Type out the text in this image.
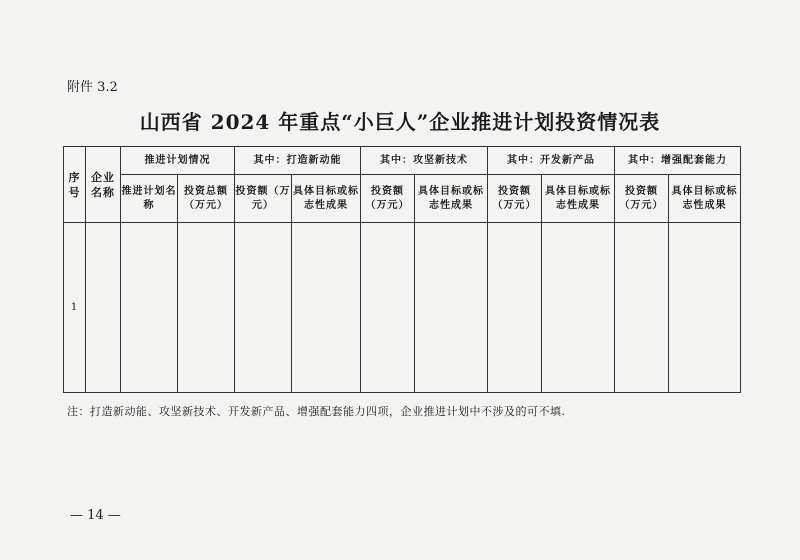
附件 3.2
山西省 2024 年重点“小巨人”企业推进计划投资情况表
序号	企业名称	推进计划情况		其中：打造新动能		其中：攻坚新技术		其中：开发新产品		其中：增强配套能力	
		推进计划名称	投资总额（万元）	投资额（万元）	具体目标或标志性成果	投资额（万元）	具体目标或标志性成果	投资额（万元）	具体目标或标志性成果	投资额（万元）	具体目标或标志性成果
1											
注：打造新动能、攻坚新技术、开发新产品、增强配套能力四项，企业推进计划中不涉及的可不填.
— 14 —
